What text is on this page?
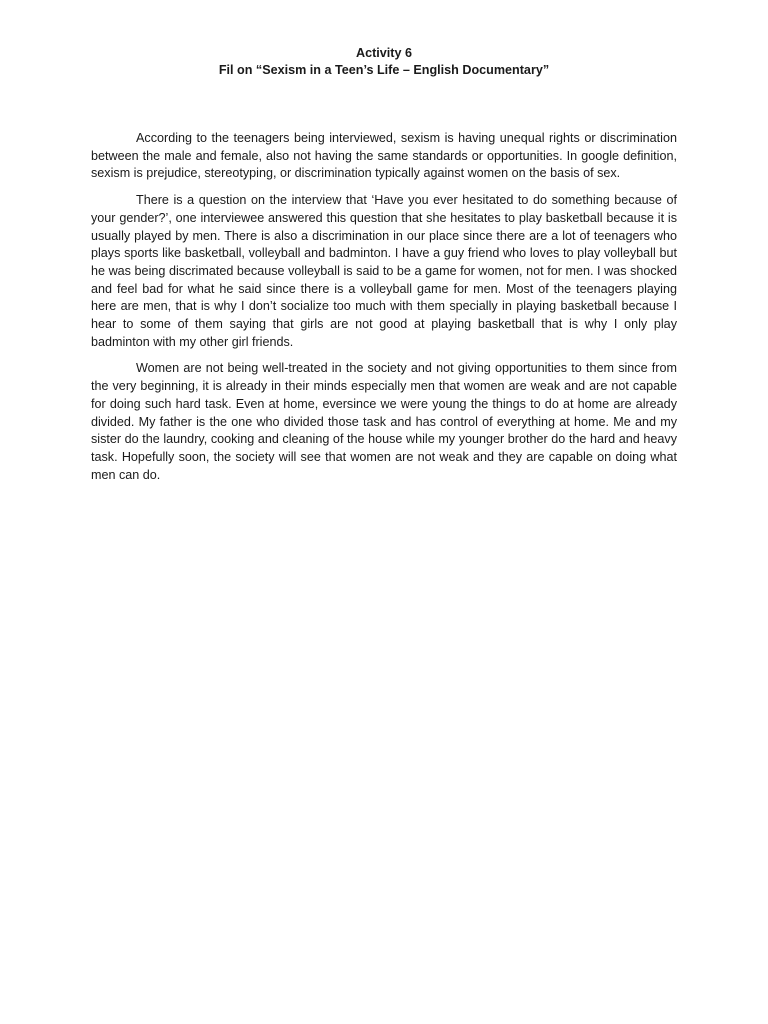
Activity 6
Fil on “Sexism in a Teen’s Life – English Documentary”

According to the teenagers being interviewed, sexism is having unequal rights or discrimination between the male and female, also not having the same standards or opportunities. In google definition, sexism is prejudice, stereotyping, or discrimination typically against women on the basis of sex.

There is a question on the interview that ‘Have you ever hesitated to do something because of your gender?’, one interviewee answered this question that she hesitates to play basketball because it is usually played by men. There is also a discrimination in our place since there are a lot of teenagers who plays sports like basketball, volleyball and badminton. I have a guy friend who loves to play volleyball but he was being discrimated because volleyball is said to be a game for women, not for men. I was shocked and feel bad for what he said since there is a volleyball game for men. Most of the teenagers playing here are men, that is why I don’t socialize too much with them specially in playing basketball because I hear to some of them saying that girls are not good at playing basketball that is why I only play badminton with my other girl friends.

Women are not being well-treated in the society and not giving opportunities to them since from the very beginning, it is already in their minds especially men that women are weak and are not capable for doing such hard task. Even at home, eversince we were young the things to do at home are already divided. My father is the one who divided those task and has control of everything at home. Me and my sister do the laundry, cooking and cleaning of the house while my younger brother do the hard and heavy task. Hopefully soon, the society will see that women are not weak and they are capable on doing what men can do.
